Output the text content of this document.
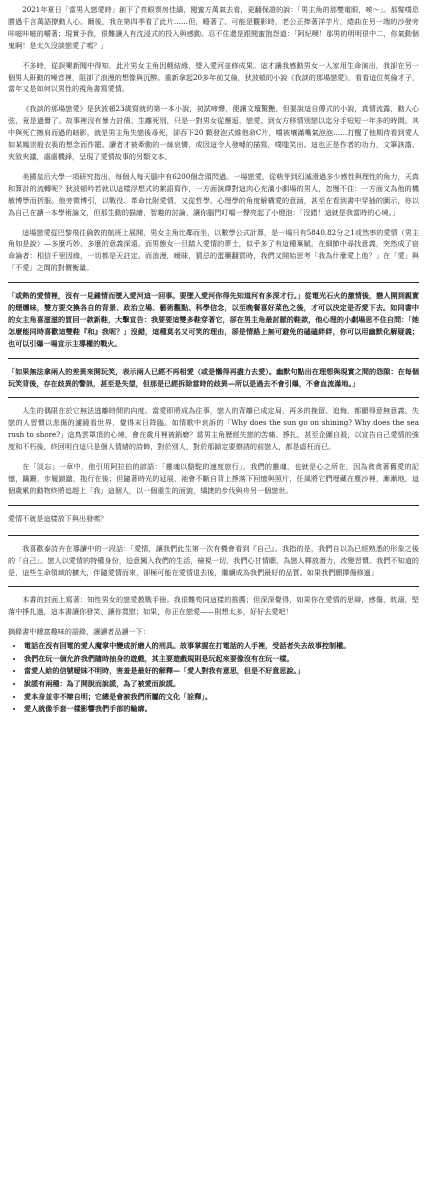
2021年夏日「當男人戀愛時」創下了亮眼票房佳績，閱蜜方萬氣去看，更翻保證的說：「男主角的那雙電眼，唉～」。那髮噗息勝過千言萬語撩動人心。爾後，我在第四季看了此片……但，睡著了。可能是觀影時，老公正捧著洋芋片，綣曲在另一端的沙發旁咔嗞咔嗞的嚼著；現實予我，很難讓人有沈浸式的投入與感動。忍不住還是跟閱蜜抱怨道：「阿紀噢！那男的明明很中二，你氣動個鬼啊！是太久沒談戀愛了嗎？」

不多時，從誤樂新聞中得知，此片男女主角因戲結緣，墜入愛河並修成果。這才讓我感動男女一入家用生命演出，我卻在另一個男人鼾動的噪音裡，阻卻了浪漫的想像與沉醉。重新拿起20多年前艾倫，狄波頓的小說《我談的那場戀愛》，看看這位英倫才子，當年又是如何以男性的視角書寫愛情。

《我談的那場戀愛》是狄波頓23歲寫就的第一本小說，初試啼聲，便讓文壇驚艷，但要說這自傳式的小說，真情流露，動人心弦，竟是過譽了。故事裡沒有暴力討債、生離死別，只是一對男女從邂逅、戀愛、到女方移情別戀以迄分手短短一年多的時間。其中與死亡擦肩而過的暗影，就是男主角失戀後尋死，卻吞下20 顆發泡式維他命C片，嚐被壤滿嘴氣泡泡……打醒了他期待看到愛人如某鳳崇般衣喪的想念而作罷。讀者才被牽動的一絲哀憐，或因這令人發噱的描寫，噗嗤笑出。這也正是作者的功力，文筆詼諧、夾敘夾議，處處機鋒，呈現了愛情故事的另類文本。

美國皇后大學一項研究指出，每個人每天腦中有6200個念頭閃過。一場戀愛，從萌芽到幻滅滑過多少感性與理性的角力，天真和算計的流轉呢？狄波頓吟若就以這樣浮想式的絮語寫作，一方面演繹對這肉心充滿小劇場的男人，忽慢不住：一方面又為他的機敏博學而折服。他旁徵博引，以戰役、革命比附愛情，又從哲學、心理學的角度解構愛的意涵，甚至在看到書中穿插的圖示，你以為自己在讀一本學術論文，但那生動的描繪，智趣的討論，讓你腦門叮噹一聲亮起了小燈泡：「沒錯！這就是我當時的心境。」

這場戀愛從巴黎飛往倫敦的航班上展開，男女主角比鄰而坐，以數學公式計算，是一場只有5840.82分之1或然率的愛情（男主角如是說）—多麼巧妙、多麼的意義深遠。而男態女一旦踏入愛情的夢土，似乎多了有這種稟賦，在細節中尋找意義，突然成了宿命論者：相信千里因緣，一切都是天註定。而浪漫，曖昧，猜忌的蛋藥翻買時，我們又開始思考「我為什麼愛上他？」在「愛」與「不愛」之間的對價衡量。

「或熱的愛情裡，沒有一見鍾情而墜入愛河這一回事。要墜入愛河你得先知道河有多深才行。」從電光石火的激情後，戀人開到親實的煙燻味，雙方要交換各自的背景、政治立場、藝術觀點、科學信念，以至晚餐喜好菜色之後，才可以決定是否愛下去。如同書中的女主角喜滋滋的買回一款新鞋，大擊宣告：我要要這雙多鞋穿著它，卻在男主角最討厭的鞋款，他心理的小劇場思不住自問：「她怎麼能同時喜歡這雙鞋『和』我呢？」沒錯，這種莫名又可笑的理由，卻是情路上無可避免的磕磕絆絆，你可以用幽默化解疑義；也可以引爆一場宣示主導權的戰火。

「如果無法拿兩人的差異來開玩笑，表示兩人已經不再相愛（或是懶得再盡力去愛）。幽默句點出在理想與現實之間的怨隙：在每個玩笑背後，存在歧異的警訊，甚至是失望，但那是已經拆除當時的歧異—所以是過去不會引爆，不會血流滿地。」

人生的偶限在於它無法逃離時間的向度。當愛即將成為往事，戀人的背離已成定局，再多的挽留、追悔，都顯得意無意義。失戀的人習慣以悲傷的濾鏡看世界，覺得末日降臨。如情歌中哀訴的「Why does the sun go on shining? Why does the sea rush to shore?」這鳥雲罩頂的心境，會在歲月裡被銷磨？當男主角歷經失戀的苦痛、掙扎，甚至企圖自殺，以宣告自己愛情的強度和不朽後，終回明白這只是個人情緒的詩飾，對於別人，對於那鎖定要撩誘的前戀人，都是虛枉而已。

在「淡忘」一章中，他引用阿拉伯的諺語：「靈魂以駱駝的速度旅行」。我們的靈魂，也就是心之所在，因為貪貪著舊愛的記憶，蹣跚，步履踉蹌，拖行在後；但隨著時光的延展，祂會不斷自背上掙落下回憶與照片，任風將它們埋藏在塵沙裡，漸漸地，這個歲累的動物終將追趕上「我」這個人，以一個重生的面貌，矯捷的步伐與舟另一個戀世。

愛情不就是這樣放下與出發嗎？

我喜歡泰詩卉在導讀中的一段話：「愛情，讓我們此生第一次有機會看到『自己』。我指的是，我們自以為已經熟悉的形象之後的「自己」。戀人以愛情的特權身份，迫意闖入我們的生活，檢視一切，我們心甘情願，為戀人釋放潛力，改變習慣。我們不知道的是，這些生命領域的擴大，伴隨愛情而來，卻極可能在愛情退去後，繼續成為我們最好的品質。如果我們願擇傷修過」

本書的封面上寫著：知性男女的戀愛教戰手冊。我很難苟同這樣的推薦；但深深覺得，如果你在愛情的思辯，感傷，眈溺，堅落中掙扎過，這本書讓你發笑、讓你寬慰；如果，你正在戀愛——則想太多，好好去愛吧！

摘錄書中饒富趣味的語錄，讓讀者品讀一下：

• 電話在沒有回電的愛人魔掌中變成折磨人的刑具。故事掌握在打電話的人手裡，受話者失去故事控制權。
• 我們在玩一個允許我們隨時抽身的遊戲，其主要遊戲規則是玩起來要像沒有在玩一樣。
• 當愛人給的信號暧昧不明時，害羞是最好的解釋—「愛人對我有意思，但是不好意思說。」
• 說謊有兩種：為了開脫而說謊，為了被愛而說謊。
• 愛本身並非不辯自明；它總是會被我們所屬的文化「詮釋」。
• 愛人就像手套一樣影響我們手部的輪廓。
